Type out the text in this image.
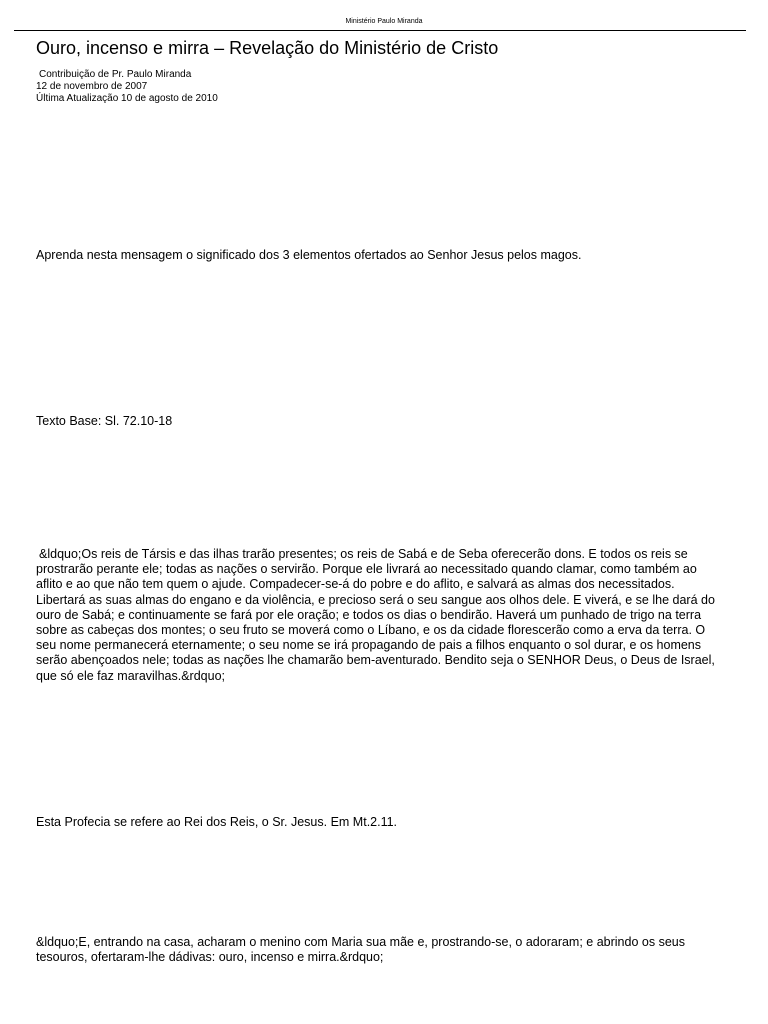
Ministério Paulo Miranda
Ouro, incenso e mirra – Revelação do Ministério de Cristo
Contribuição de Pr. Paulo Miranda
12 de novembro de 2007
Última Atualização 10 de agosto de 2010

Aprenda nesta mensagem o significado dos 3 elementos ofertados ao Senhor Jesus pelos magos.

Texto Base: Sl. 72.10-18

&ldquo;Os reis de Társis e das ilhas trarão presentes; os reis de Sabá e de Seba oferecerão dons. E todos os reis se prostrarão perante ele; todas as nações o servirão. Porque ele livrará ao necessitado quando clamar, como também ao aflito e ao que não tem quem o ajude. Compadecer-se-á do pobre e do aflito, e salvará as almas dos necessitados. Libertará as suas almas do engano e da violência, e precioso será o seu sangue aos olhos dele. E viverá, e se lhe dará do ouro de Sabá; e continuamente se fará por ele oração; e todos os dias o bendirão. Haverá um punhado de trigo na terra sobre as cabeças dos montes; o seu fruto se moverá como o Líbano, e os da cidade florescerão como a erva da terra. O seu nome permanecerá eternamente; o seu nome se irá propagando de pais a filhos enquanto o sol durar, e os homens serão abençoados nele; todas as nações lhe chamarão bem-aventurado. Bendito seja o SENHOR Deus, o Deus de Israel, que só ele faz maravilhas.&rdquo;

Esta Profecia se refere ao Rei dos Reis, o Sr. Jesus. Em Mt.2.11.

&ldquo;E, entrando na casa, acharam o menino com Maria sua mãe e, prostrando-se, o adoraram; e abrindo os seus tesouros, ofertaram-lhe dádivas: ouro, incenso e mirra.&rdquo;
